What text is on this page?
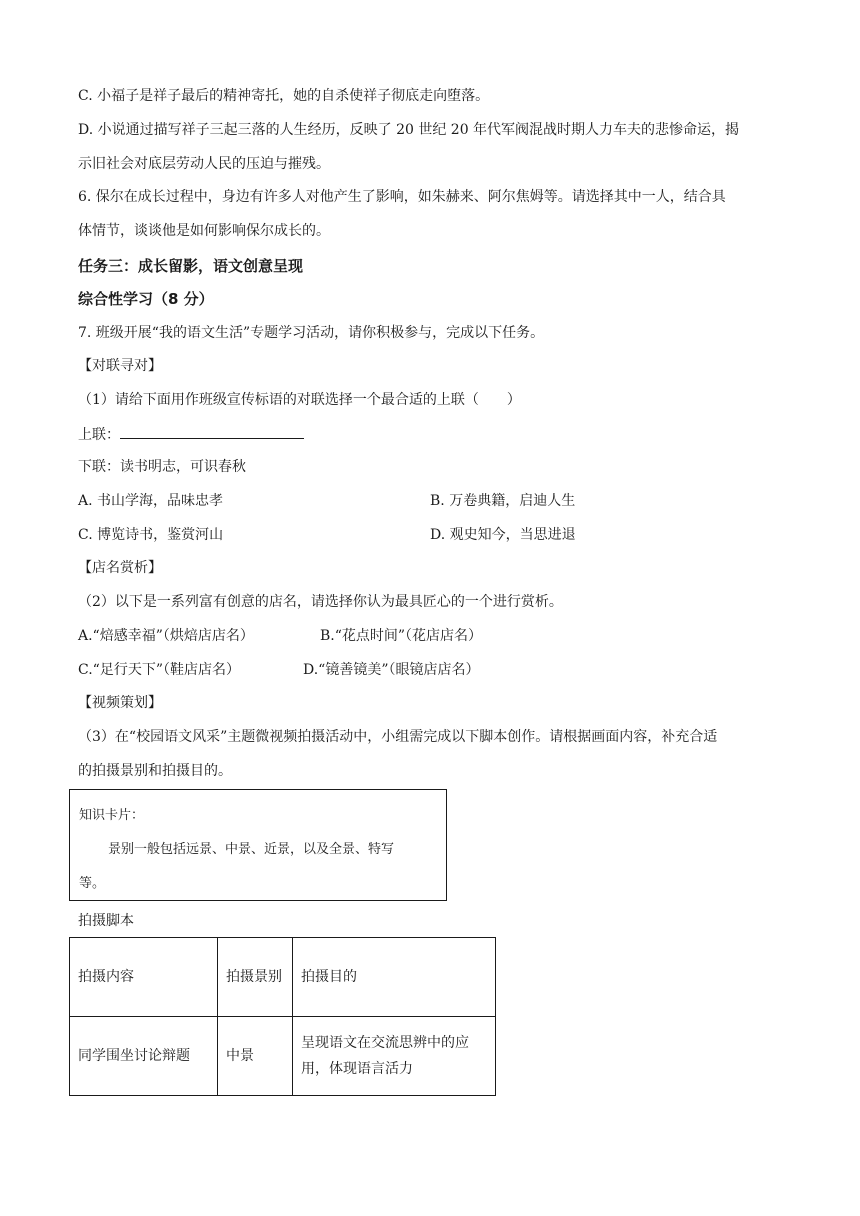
C. 小福子是祥子最后的精神寄托，她的自杀使祥子彻底走向堕落。
D. 小说通过描写祥子三起三落的人生经历，反映了 20 世纪 20 年代军阀混战时期人力车夫的悲惨命运，揭
示旧社会对底层劳动人民的压迫与摧残。
6. 保尔在成长过程中，身边有许多人对他产生了影响，如朱赫来、阿尔焦姆等。请选择其中一人，结合具
体情节，谈谈他是如何影响保尔成长的。
任务三：成长留影，语文创意呈现
综合性学习（8 分）
7. 班级开展“我的语文生活”专题学习活动，请你积极参与，完成以下任务。
【对联寻对】
（1）请给下面用作班级宣传标语的对联选择一个最合适的上联（　　）
上联：
下联：读书明志，可识春秋
A. 书山学海，品味忠孝	B. 万卷典籍，启迪人生
C. 博览诗书，鉴赏河山	D. 观史知今，当思进退
【店名赏析】
（2）以下是一系列富有创意的店名，请选择你认为最具匠心的一个进行赏析。
A.“焙感幸福”（烘焙店店名）	B.“花点时间”（花店店名）
C.“足行天下”（鞋店店名）	D.“镜善镜美”（眼镜店店名）
【视频策划】
（3）在“校园语文风采”主题微视频拍摄活动中，小组需完成以下脚本创作。请根据画面内容，补充合适
的拍摄景别和拍摄目的。
知识卡片：
景别一般包括远景、中景、近景，以及全景、特写
等。
拍摄脚本
拍摄内容	拍摄景别	拍摄目的
同学围坐讨论辩题	中景	呈现语文在交流思辨中的应用，体现语言活力
